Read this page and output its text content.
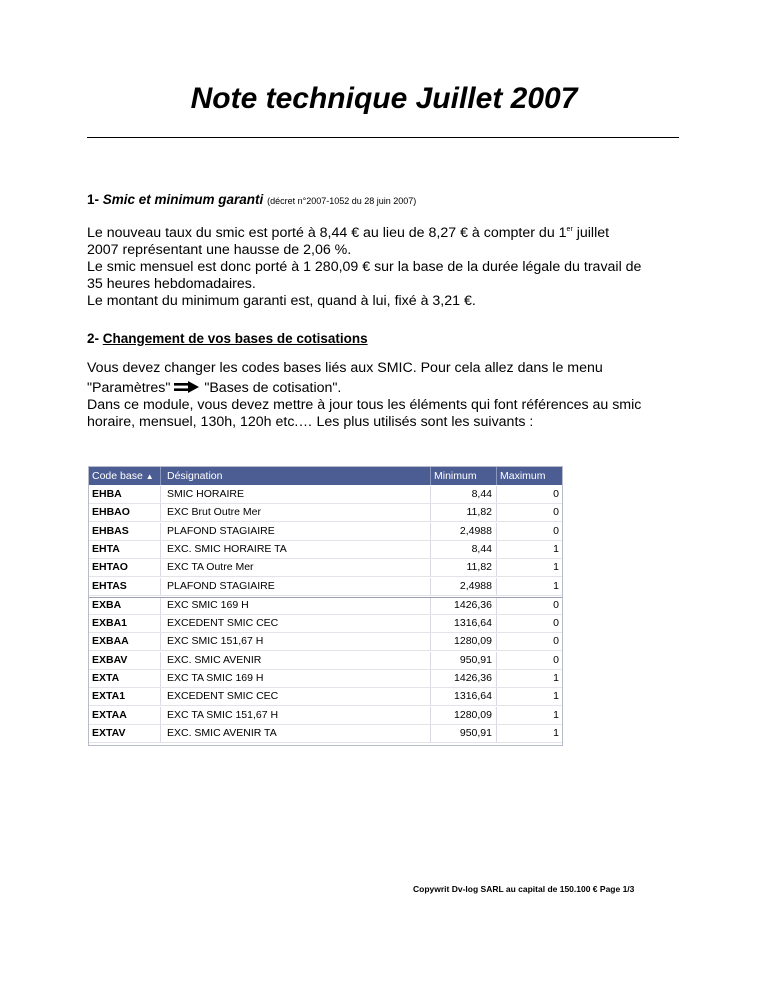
Note technique Juillet 2007
1- Smic et minimum garanti (décret n°2007-1052 du 28 juin 2007)
Le nouveau taux du smic est porté à 8,44 € au lieu de 8,27 € à compter du 1er juillet
2007 représentant une hausse de 2,06 %.
Le smic mensuel est donc porté à 1 280,09 € sur la base de la durée légale du travail de
35 heures hebdomadaires.
Le montant du minimum garanti est, quand à lui, fixé à 3,21 €.
2- Changement de vos bases de cotisations
Vous devez changer les codes bases liés aux SMIC. Pour cela allez dans le menu
"Paramètres" "Bases de cotisation".
Dans ce module, vous devez mettre à jour tous les éléments qui font références au smic
horaire, mensuel, 130h, 120h etc.… Les plus utilisés sont les suivants :
Code base ▲	Désignation	Minimum	Maximum
EHBA	SMIC HORAIRE	8,44	0
EHBAO	EXC Brut Outre Mer	11,82	0
EHBAS	PLAFOND STAGIAIRE	2,4988	0
EHTA	EXC. SMIC HORAIRE TA	8,44	1
EHTAO	EXC TA Outre Mer	11,82	1
EHTAS	PLAFOND STAGIAIRE	2,4988	1
EXBA	EXC SMIC 169 H	1426,36	0
EXBA1	EXCEDENT SMIC CEC	1316,64	0
EXBAA	EXC SMIC 151,67 H	1280,09	0
EXBAV	EXC. SMIC AVENIR	950,91	0
EXTA	EXC TA SMIC 169 H	1426,36	1
EXTA1	EXCEDENT SMIC CEC	1316,64	1
EXTAA	EXC TA SMIC 151,67 H	1280,09	1
EXTAV	EXC. SMIC AVENIR TA	950,91	1
Copywrit Dv-log SARL au capital de 150.100 € Page 1/3
